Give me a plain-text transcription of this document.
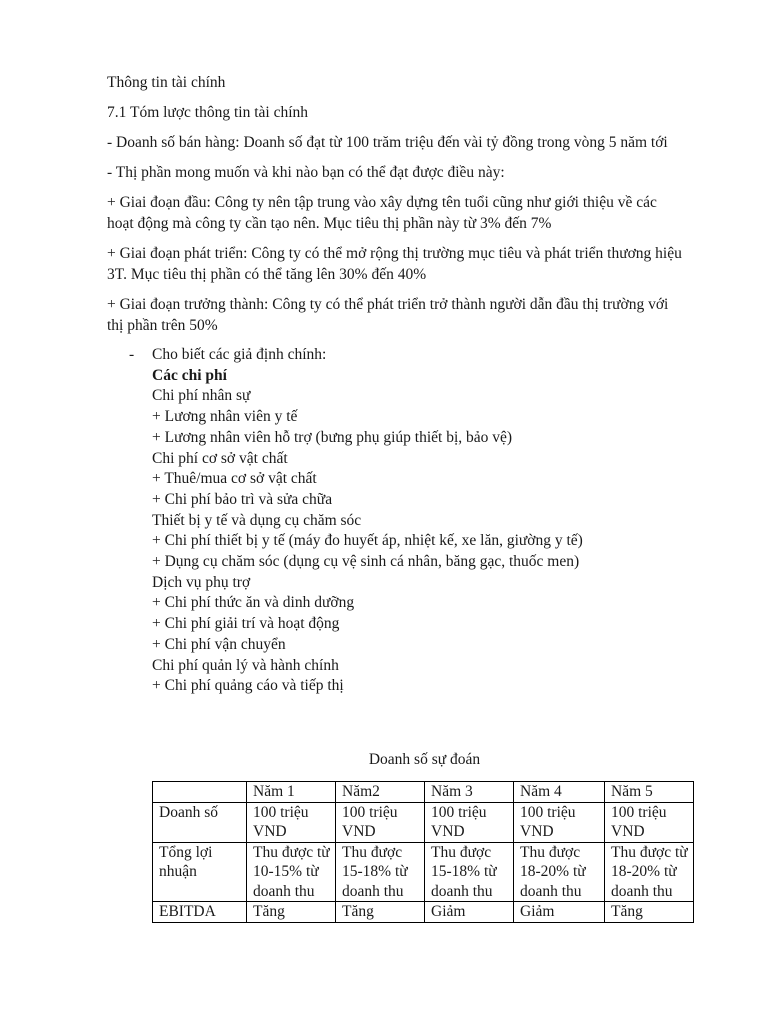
Thông tin tài chính

7.1 Tóm lược thông tin tài chính

- Doanh số bán hàng: Doanh số đạt từ 100 trăm triệu đến vài tỷ đồng trong vòng 5 năm tới

- Thị phần mong muốn và khi nào bạn có thể đạt được điều này:

+ Giai đoạn đầu: Công ty nên tập trung vào xây dựng tên tuổi cũng như giới thiệu về các hoạt động mà công ty cần tạo nên. Mục tiêu thị phần này từ 3% đến 7%

+ Giai đoạn phát triển: Công ty có thể mở rộng thị trường mục tiêu và phát triển thương hiệu 3T. Mục tiêu thị phần có thể tăng lên 30% đến 40%

+ Giai đoạn trưởng thành: Công ty có thể phát triển trở thành người dẫn đầu thị trường với thị phần trên 50%

- Cho biết các giả định chính:
Các chi phí
Chi phí nhân sự
+ Lương nhân viên y tế
+ Lương nhân viên hỗ trợ (bưng phụ giúp thiết bị, bảo vệ)
Chi phí cơ sở vật chất
+ Thuê/mua cơ sở vật chất
+ Chi phí bảo trì và sửa chữa
Thiết bị y tế và dụng cụ chăm sóc
+ Chi phí thiết bị y tế (máy đo huyết áp, nhiệt kế, xe lăn, giường y tế)
+ Dụng cụ chăm sóc (dụng cụ vệ sinh cá nhân, băng gạc, thuốc men)
Dịch vụ phụ trợ
+ Chi phí thức ăn và dinh dưỡng
+ Chi phí giải trí và hoạt động
+ Chi phí vận chuyển
Chi phí quản lý và hành chính
+ Chi phí quảng cáo và tiếp thị
Doanh số sự đoán
	Năm 1	Năm2	Năm 3	Năm 4	Năm 5
Doanh số	100 triệu VND	100 triệu VND	100 triệu VND	100 triệu VND	100 triệu VND
Tổng lợi nhuận	Thu được từ 10-15% từ doanh thu	Thu được 15-18% từ doanh thu	Thu được 15-18% từ doanh thu	Thu được 18-20% từ doanh thu	Thu được từ 18-20% từ doanh thu
EBITDA	Tăng	Tăng	Giảm	Giảm	Tăng
